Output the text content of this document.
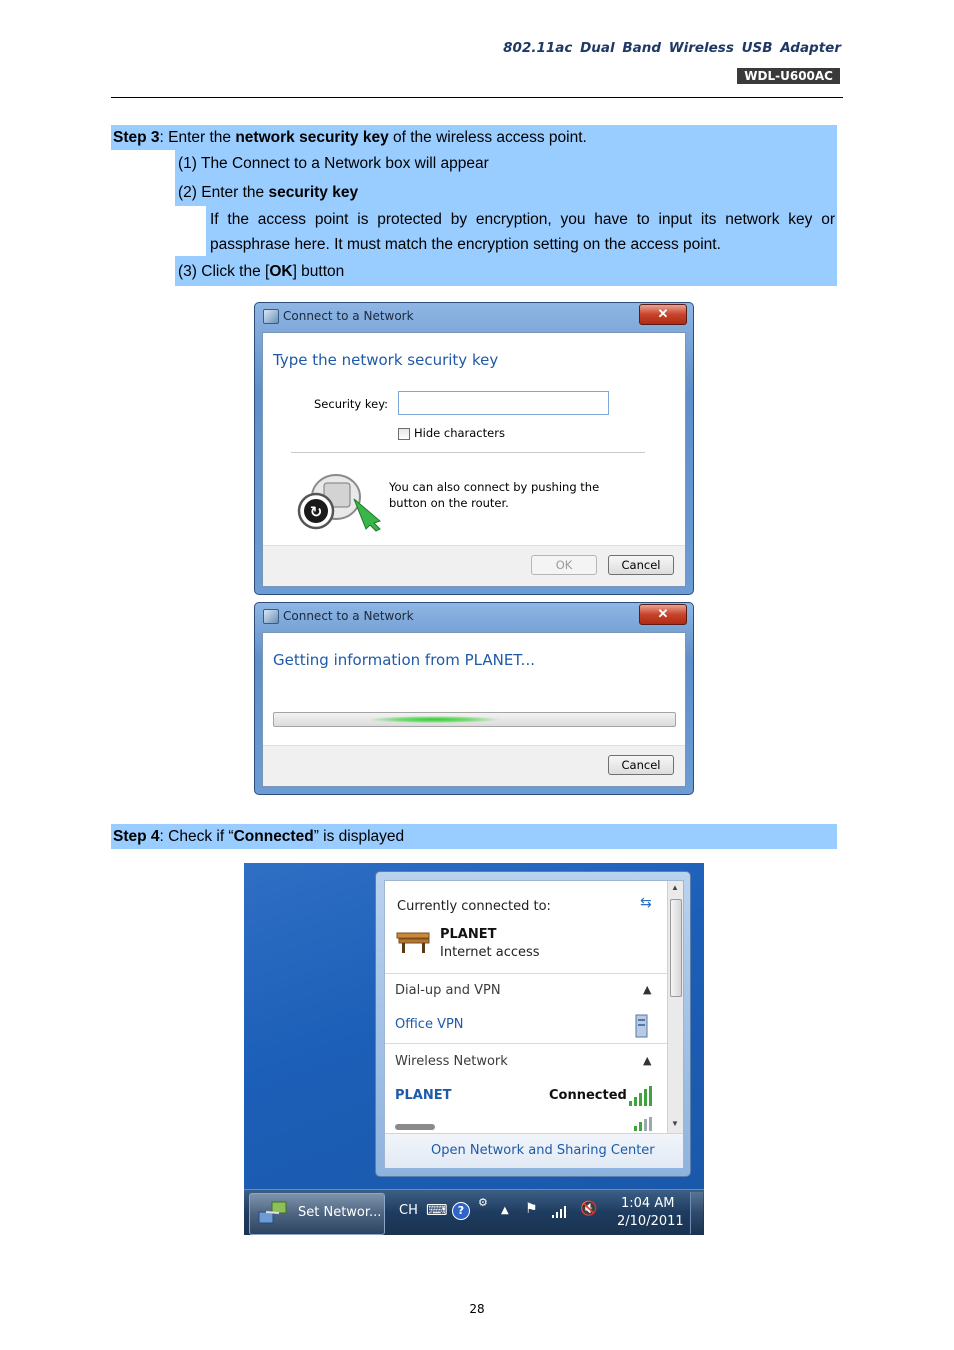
802.11ac Dual Band Wireless USB Adapter
WDL-U600AC
Step 3: Enter the network security key of the wireless access point.
(1) The Connect to a Network box will appear
(2) Enter the security key
If the access point is protected by encryption, you have to input its network key or
passphrase here. It must match the encryption setting on the access point.
(3) Click the [OK] button
Connect to a Network	✕
Type the network security key
Security key:
Hide characters
↻
You can also connect by pushing the
button on the router.
OK	Cancel
Connect to a Network	✕
Getting information from PLANET...
Cancel
Step 4: Check if “Connected” is displayed
Currently connected to:	⇆
PLANET
Internet access
Dial-up and VPN	▲
Office VPN
Wireless Network	▲
PLANET	Connected
▲
▼
Open Network and Sharing Center
Set Networ... CH ⌨ ?
⚙
▲ ⚑	🔇 1:04 AM
2/10/2011
28
